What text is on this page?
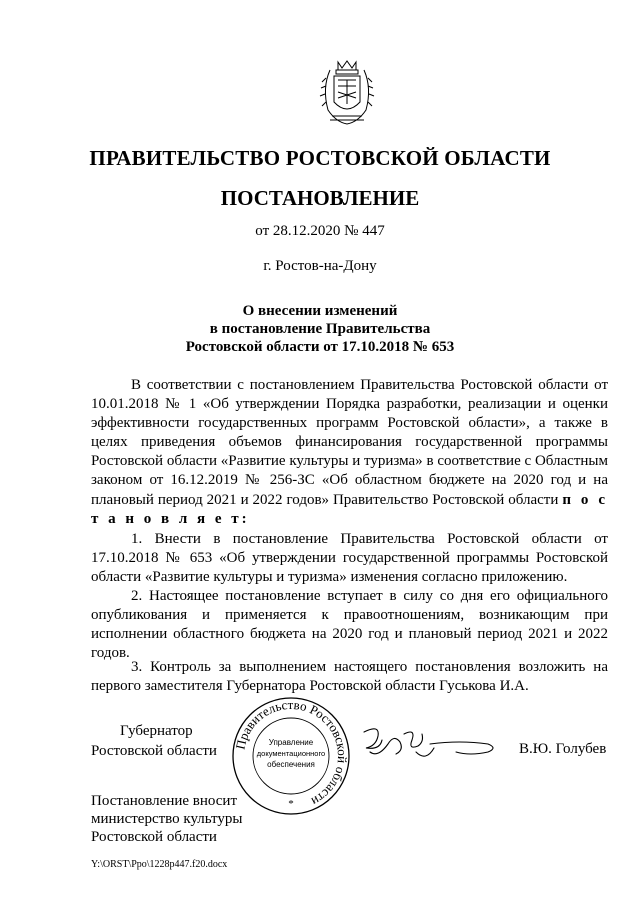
ПРАВИТЕЛЬСТВО РОСТОВСКОЙ ОБЛАСТИ
ПОСТАНОВЛЕНИЕ
от 28.12.2020 № 447
г. Ростов-на-Дону
О внесении изменений
в постановление Правительства
Ростовской области от 17.10.2018 № 653
В соответствии с постановлением Правительства Ростовской области от 10.01.2018 № 1 «Об утверждении Порядка разработки, реализации и оценки эффективности государственных программ Ростовской области», а также в целях приведения объемов финансирования государственной программы Ростовской области «Развитие культуры и туризма» в соответствие с Областным законом от 16.12.2019 № 256-ЗС «Об областном бюджете на 2020 год и на плановый период 2021 и 2022 годов» Правительство Ростовской области п о с т а н о в л я е т:
1. Внести в постановление Правительства Ростовской области от 17.10.2018 № 653 «Об утверждении государственной программы Ростовской области «Развитие культуры и туризма» изменения согласно приложению.
2. Настоящее постановление вступает в силу со дня его официального опубликования и применяется к правоотношениям, возникающим при исполнении областного бюджета на 2020 год и плановый период 2021 и 2022 годов.
3. Контроль за выполнением настоящего постановления возложить на первого заместителя Губернатора Ростовской области Гуськова И.А.
Губернатор
Ростовской области Правительство Ростовской области
Управление
документационного
обеспечения
*
В.Ю. Голубев
Постановление вносит
министерство культуры
Ростовской области
Y:\ORST\Ppo\1228p447.f20.docx
